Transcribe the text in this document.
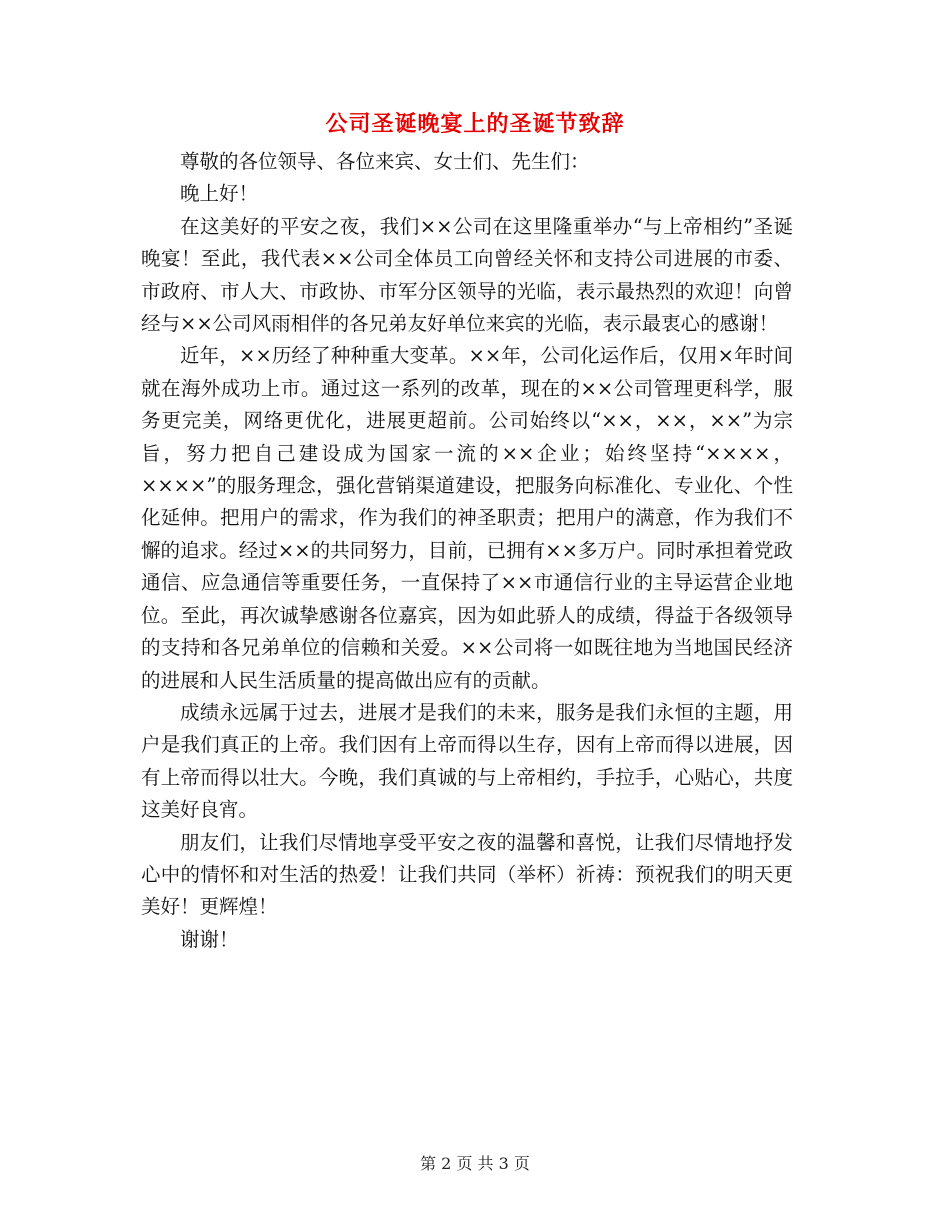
公司圣诞晚宴上的圣诞节致辞

尊敬的各位领导、各位来宾、女士们、先生们：

晚上好！

在这美好的平安之夜，我们××公司在这里隆重举办“与上帝相约”圣诞晚宴！至此，我代表××公司全体员工向曾经关怀和支持公司进展的市委、市政府、市人大、市政协、市军分区领导的光临，表示最热烈的欢迎！向曾经与××公司风雨相伴的各兄弟友好单位来宾的光临，表示最衷心的感谢！

近年，××历经了种种重大变革。××年，公司化运作后，仅用×年时间就在海外成功上市。通过这一系列的改革，现在的××公司管理更科学，服务更完美，网络更优化，进展更超前。公司始终以“××，××，××”为宗旨，努力把自己建设成为国家一流的××企业；始终坚持“××××，××××”的服务理念，强化营销渠道建设，把服务向标准化、专业化、个性化延伸。把用户的需求，作为我们的神圣职责；把用户的满意，作为我们不懈的追求。经过××的共同努力，目前，已拥有××多万户。同时承担着党政通信、应急通信等重要任务，一直保持了××市通信行业的主导运营企业地位。至此，再次诚挚感谢各位嘉宾，因为如此骄人的成绩，得益于各级领导的支持和各兄弟单位的信赖和关爱。××公司将一如既往地为当地国民经济的进展和人民生活质量的提高做出应有的贡献。

成绩永远属于过去，进展才是我们的未来，服务是我们永恒的主题，用户是我们真正的上帝。我们因有上帝而得以生存，因有上帝而得以进展，因有上帝而得以壮大。今晚，我们真诚的与上帝相约，手拉手，心贴心，共度这美好良宵。

朋友们，让我们尽情地享受平安之夜的温馨和喜悦，让我们尽情地抒发心中的情怀和对生活的热爱！让我们共同（举杯）祈祷：预祝我们的明天更美好！更辉煌！

谢谢！

第 2 页 共 3 页
